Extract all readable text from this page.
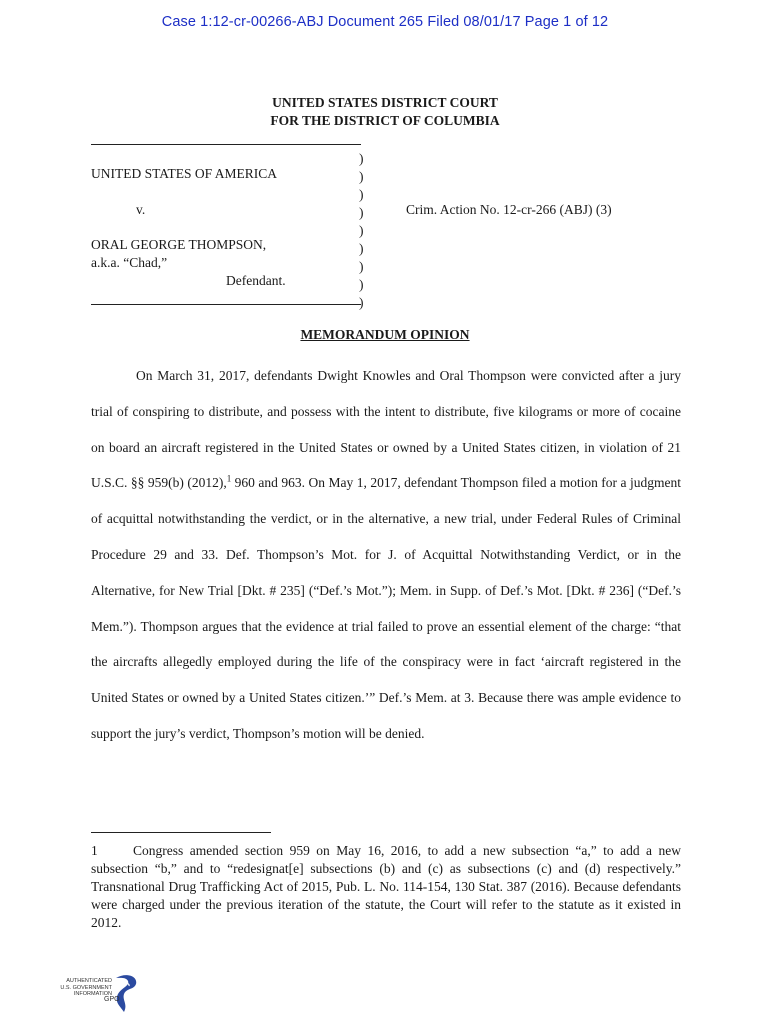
Case 1:12-cr-00266-ABJ Document 265 Filed 08/01/17 Page 1 of 12
UNITED STATES DISTRICT COURT
FOR THE DISTRICT OF COLUMBIA
)
)
)
)
)
)
)
)
)
UNITED STATES OF AMERICA
v.	Crim. Action No. 12-cr-266 (ABJ) (3)
ORAL GEORGE THOMPSON,
a.k.a. “Chad,”
Defendant.
MEMORANDUM OPINION

On March 31, 2017, defendants Dwight Knowles and Oral Thompson were convicted after a jury trial of conspiring to distribute, and possess with the intent to distribute, five kilograms or more of cocaine on board an aircraft registered in the United States or owned by a United States citizen, in violation of 21 U.S.C. §§ 959(b) (2012),$^1$ 960 and 963. On May 1, 2017, defendant Thompson filed a motion for a judgment of acquittal notwithstanding the verdict, or in the alternative, a new trial, under Federal Rules of Criminal Procedure 29 and 33. Def. Thompson’s Mot. for J. of Acquittal Notwithstanding Verdict, or in the Alternative, for New Trial [Dkt. # 235] (“Def.’s Mot.”); Mem. in Supp. of Def.’s Mot. [Dkt. # 236] (“Def.’s Mem.”). Thompson argues that the evidence at trial failed to prove an essential element of the charge: “that the aircrafts allegedly employed during the life of the conspiracy were in fact ‘aircraft registered in the United States or owned by a United States citizen.’” Def.’s Mem. at 3. Because there was ample evidence to support the jury’s verdict, Thompson’s motion will be denied.

1	Congress amended section 959 on May 16, 2016, to add a new subsection “a,” to add a new subsection “b,” and to “redesignat[e] subsections (b) and (c) as subsections (c) and (d) respectively.” Transnational Drug Trafficking Act of 2015, Pub. L. No. 114-154, 130 Stat. 387 (2016). Because defendants were charged under the previous iteration of the statute, the Court will refer to the statute as it existed in 2012.
AUTHENTICATED
U.S. GOVERNMENT
INFORMATION
GPO
